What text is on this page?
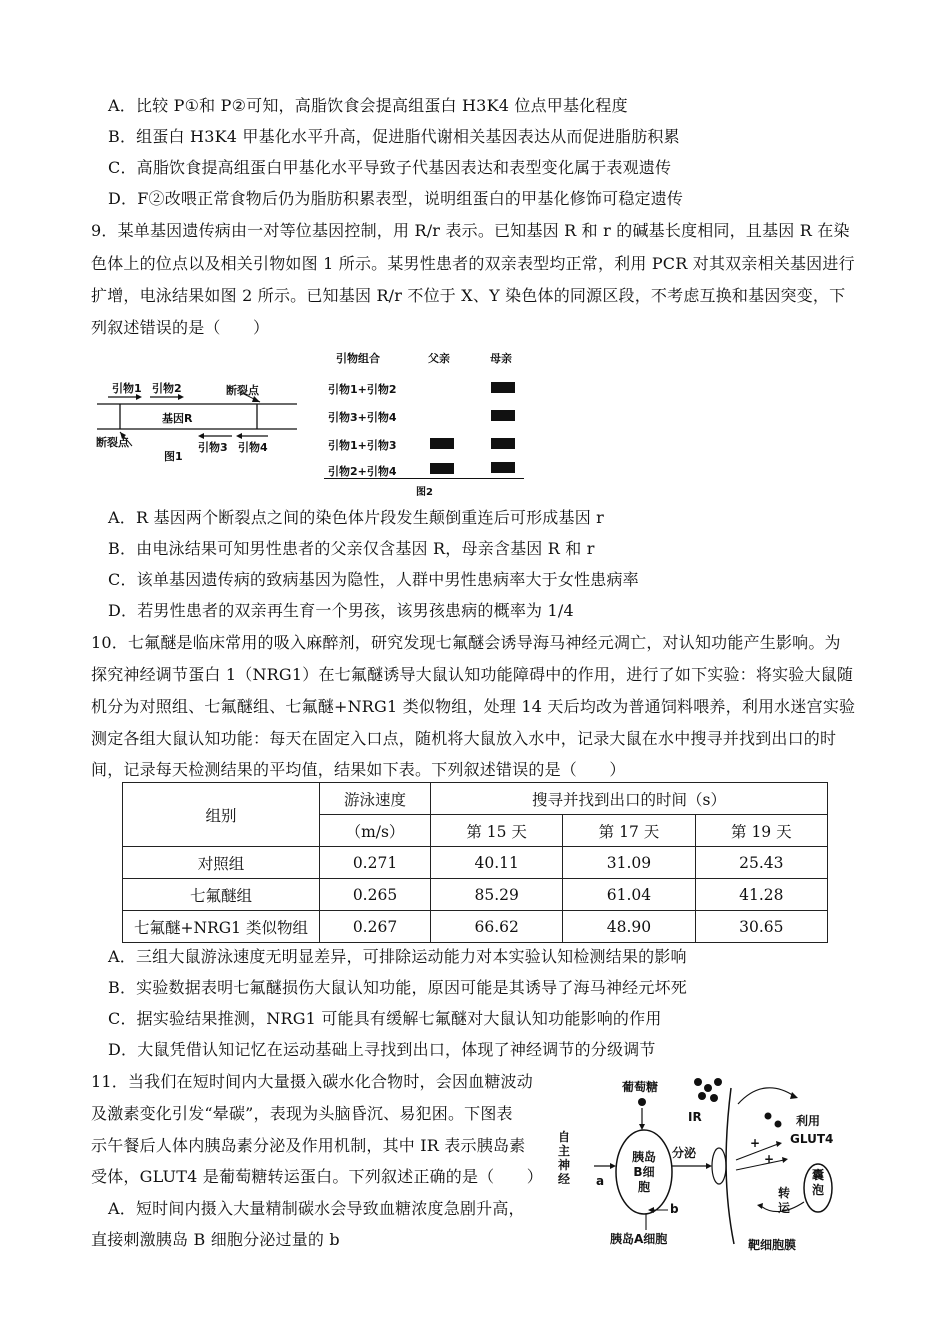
A．比较 P①和 P②可知，高脂饮食会提高组蛋白 H3K4 位点甲基化程度
B．组蛋白 H3K4 甲基化水平升高，促进脂代谢相关基因表达从而促进脂肪积累
C．高脂饮食提高组蛋白甲基化水平导致子代基因表达和表型变化属于表观遗传
D．F②改喂正常食物后仍为脂肪积累表型，说明组蛋白的甲基化修饰可稳定遗传
9．某单基因遗传病由一对等位基因控制，用 R/r 表示。已知基因 R 和 r 的碱基长度相同，且基因 R 在染
色体上的位点以及相关引物如图 1 所示。某男性患者的双亲表型均正常，利用 PCR 对其双亲相关基因进行
扩增，电泳结果如图 2 所示。已知基因 R/r 不位于 X、Y 染色体的同源区段，不考虑互换和基因突变，下
列叙述错误的是（　　）
引物1 引物2	断裂点
基因R
断裂点	引物3 引物4
图1
引物组合	父亲	母亲
引物1+引物2
引物3+引物4
引物1+引物3
引物2+引物4
图2
A．R 基因两个断裂点之间的染色体片段发生颠倒重连后可形成基因 r
B．由电泳结果可知男性患者的父亲仅含基因 R，母亲含基因 R 和 r
C．该单基因遗传病的致病基因为隐性，人群中男性患病率大于女性患病率
D．若男性患者的双亲再生育一个男孩，该男孩患病的概率为 1/4
10．七氟醚是临床常用的吸入麻醉剂，研究发现七氟醚会诱导海马神经元凋亡，对认知功能产生影响。为
探究神经调节蛋白 1（NRG1）在七氟醚诱导大鼠认知功能障碍中的作用，进行了如下实验：将实验大鼠随
机分为对照组、七氟醚组、七氟醚+NRG1 类似物组，处理 14 天后均改为普通饲料喂养，利用水迷宫实验
测定各组大鼠认知功能：每天在固定入口点，随机将大鼠放入水中，记录大鼠在水中搜寻并找到出口的时
间，记录每天检测结果的平均值，结果如下表。下列叙述错误的是（　　）
组别	游泳速度	搜寻并找到出口的时间（s）		
	（m/s）	第 15 天	第 17 天	第 19 天
对照组	0.271	40.11	31.09	25.43
七氟醚组	0.265	85.29	61.04	41.28
七氟醚+NRG1 类似物组	0.267	66.62	48.90	30.65
A．三组大鼠游泳速度无明显差异，可排除运动能力对本实验认知检测结果的影响
B．实验数据表明七氟醚损伤大鼠认知功能，原因可能是其诱导了海马神经元坏死
C．据实验结果推测，NRG1 可能具有缓解七氟醚对大鼠认知功能影响的作用
D．大鼠凭借认知记忆在运动基础上寻找到出口，体现了神经调节的分级调节
11．当我们在短时间内大量摄入碳水化合物时，会因血糖波动
及激素变化引发“晕碳”，表现为头脑昏沉、易犯困。下图表
示午餐后人体内胰岛素分泌及作用机制，其中 IR 表示胰岛素
受体，GLUT4 是葡萄糖转运蛋白。下列叙述正确的是（　　）
A．短时间内摄入大量精制碳水会导致血糖浓度急剧升高，
直接刺激胰岛 B 细胞分泌过量的 b
葡萄糖
利用
GLUT4
IR
自主神经 a
b
胰岛B细胞
分泌
+
+
囊泡
转运
胰岛A细胞	靶细胞膜
